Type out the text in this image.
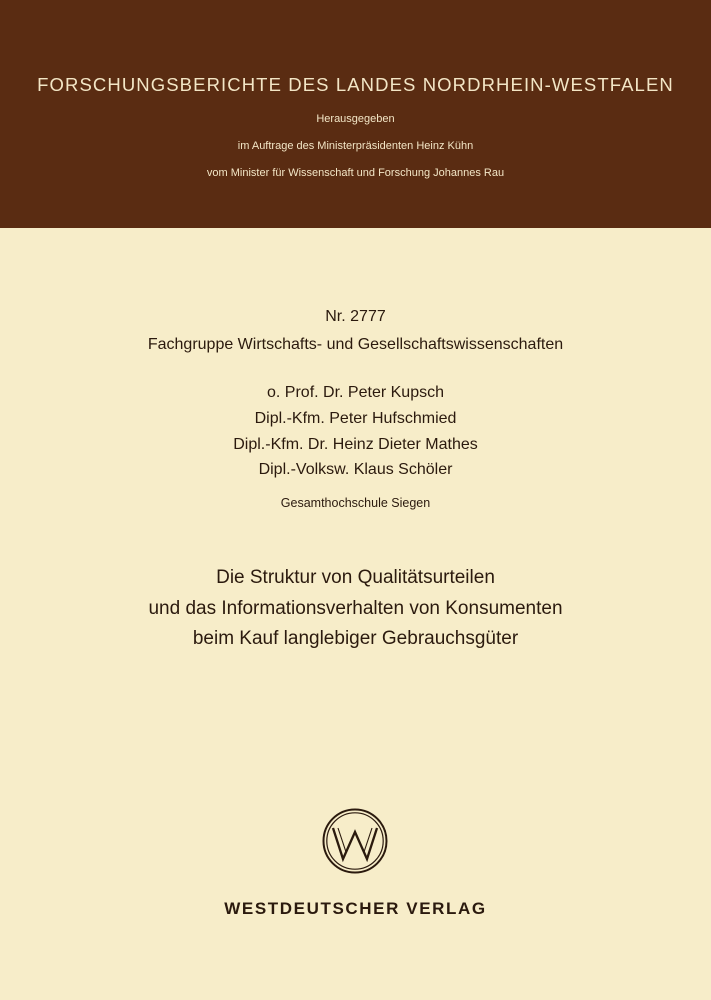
FORSCHUNGSBERICHTE DES LANDES NORDRHEIN-WESTFALEN
Herausgegeben
im Auftrage des Ministerpräsidenten Heinz Kühn
vom Minister für Wissenschaft und Forschung Johannes Rau
Nr. 2777
Fachgruppe Wirtschafts- und Gesellschaftswissenschaften
o. Prof. Dr. Peter Kupsch
Dipl.-Kfm. Peter Hufschmied
Dipl.-Kfm. Dr. Heinz Dieter Mathes
Dipl.-Volksw. Klaus Schöler
Gesamthochschule Siegen
Die Struktur von Qualitätsurteilen
und das Informationsverhalten von Konsumenten
beim Kauf langlebiger Gebrauchsgüter
WESTDEUTSCHER VERLAG
